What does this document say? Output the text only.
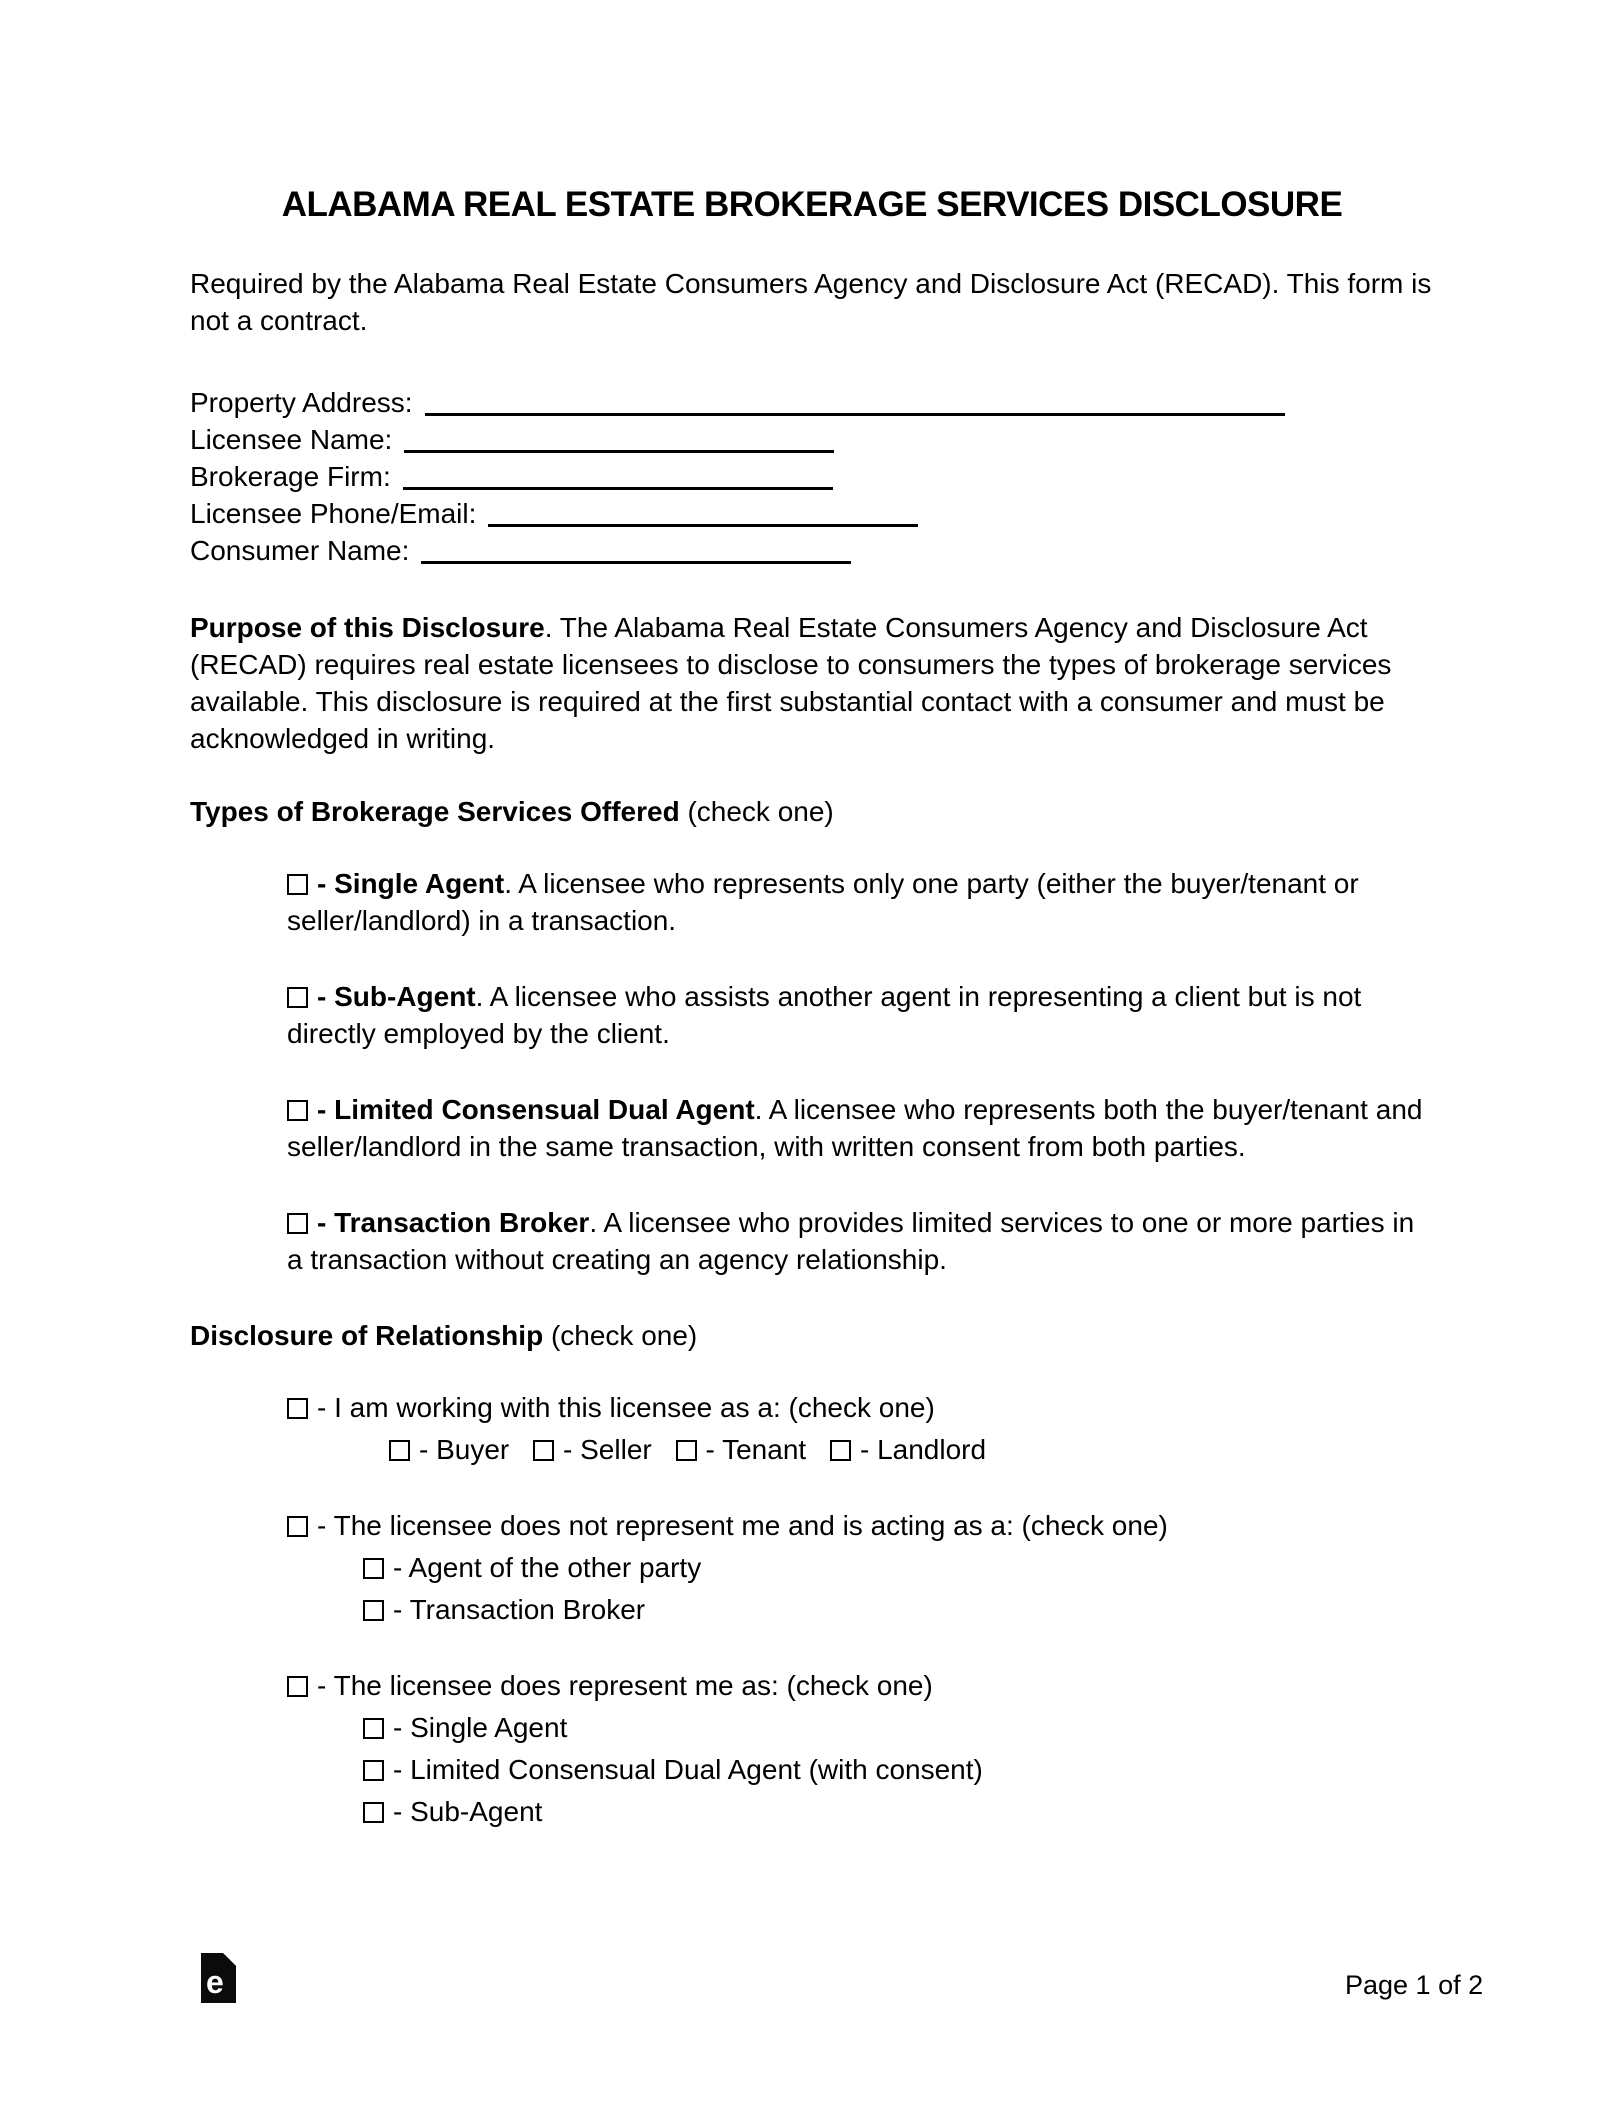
ALABAMA REAL ESTATE BROKERAGE SERVICES DISCLOSURE

Required by the Alabama Real Estate Consumers Agency and Disclosure Act (RECAD). This form is not a contract.

Property Address:
Licensee Name:
Brokerage Firm:
Licensee Phone/Email:
Consumer Name:

Purpose of this Disclosure. The Alabama Real Estate Consumers Agency and Disclosure Act (RECAD) requires real estate licensees to disclose to consumers the types of brokerage services available. This disclosure is required at the first substantial contact with a consumer and must be acknowledged in writing.

Types of Brokerage Services Offered (check one)

- Single Agent. A licensee who represents only one party (either the buyer/tenant or seller/landlord) in a transaction.

- Sub-Agent. A licensee who assists another agent in representing a client but is not directly employed by the client.

- Limited Consensual Dual Agent. A licensee who represents both the buyer/tenant and seller/landlord in the same transaction, with written consent from both parties.

- Transaction Broker. A licensee who provides limited services to one or more parties in a transaction without creating an agency relationship.

Disclosure of Relationship (check one)

- I am working with this licensee as a: (check one)

- Buyer - Seller - Tenant - Landlord

- The licensee does not represent me and is acting as a: (check one)

- Agent of the other party

- Transaction Broker

- The licensee does represent me as: (check one)

- Single Agent

- Limited Consensual Dual Agent (with consent)

- Sub-Agent

e	Page 1 of 2
